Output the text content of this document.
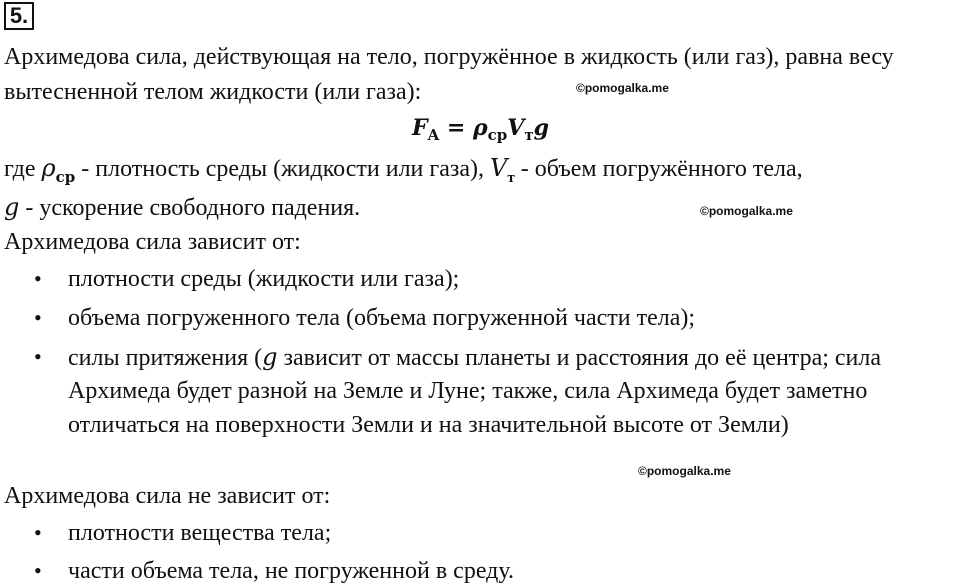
5.
Архимедова сила, действующая на тело, погружённое в жидкость (или газ), равна весу
вытесненной телом жидкости (или газа):	©pomogalka.me
$F_A = \rho_{ср}V_тg$
где $\rho_{ср}$ - плотность среды (жидкости или газа), $V_т$ - объем погружённого тела,
g - ускорение свободного падения.	©pomogalka.me
Архимедова сила зависит от:
• плотности среды (жидкости или газа);
• объема погруженного тела (объема погруженной части тела);
• силы притяжения (g зависит от массы планеты и расстояния до её центра; сила
Архимеда будет разной на Земле и Луне; также, сила Архимеда будет заметно
отличаться на поверхности Земли и на значительной высоте от Земли)
©pomogalka.me
Архимедова сила не зависит от:
• плотности вещества тела;
• части объема тела, не погруженной в среду.
